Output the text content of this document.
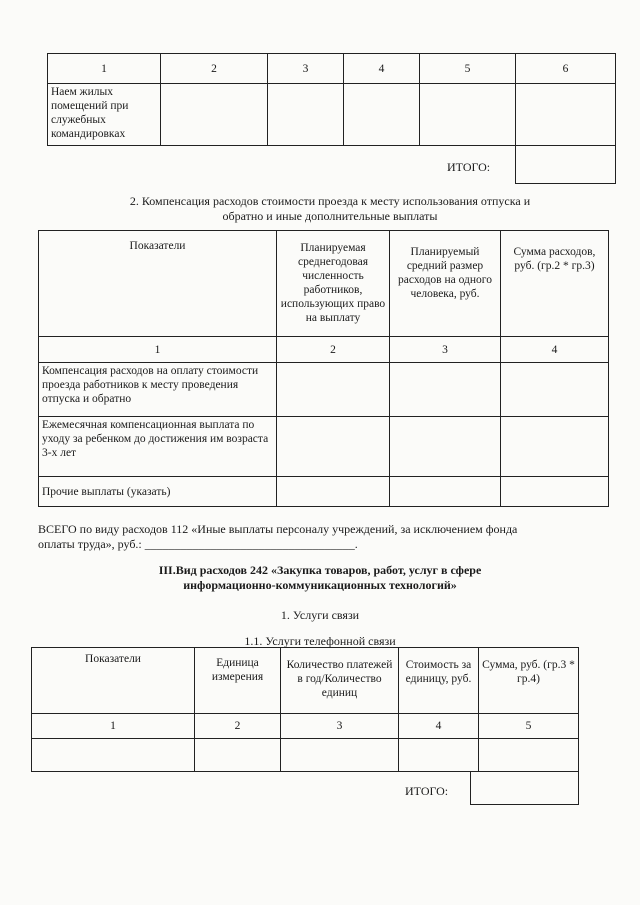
1	2	3	4	5	6
Наем жилых помещений при служебных командировках					
ИТОГО:
2. Компенсация расходов стоимости проезда к месту использования отпуска и
обратно и иные дополнительные выплаты
Показатели	Планируемая среднегодовая численность работников, использующих право на выплату	Планируемый средний размер расходов на одного человека, руб.	Сумма расходов, руб. (гр.2 * гр.3)
1	2	3	4
Компенсация расходов на оплату стоимости проезда работников к месту проведения отпуска и обратно			
Ежемесячная компенсационная выплата по уходу за ребенком до достижения им возраста 3-х лет			
Прочие выплаты (указать)			
ВСЕГО по виду расходов 112 «Иные выплаты персоналу учреждений, за исключением фонда
оплаты труда», руб.: ___________________________________.
III.Вид расходов 242 «Закупка товаров, работ, услуг в сфере
информационно-коммуникационных технологий»
1. Услуги связи
1.1. Услуги телефонной связи
Показатели	Единица измерения	Количество платежей в год/Количество единиц	Стоимость за единицу, руб.	Сумма, руб. (гр.3 * гр.4)
1	2	3	4	5

ИТОГО:
